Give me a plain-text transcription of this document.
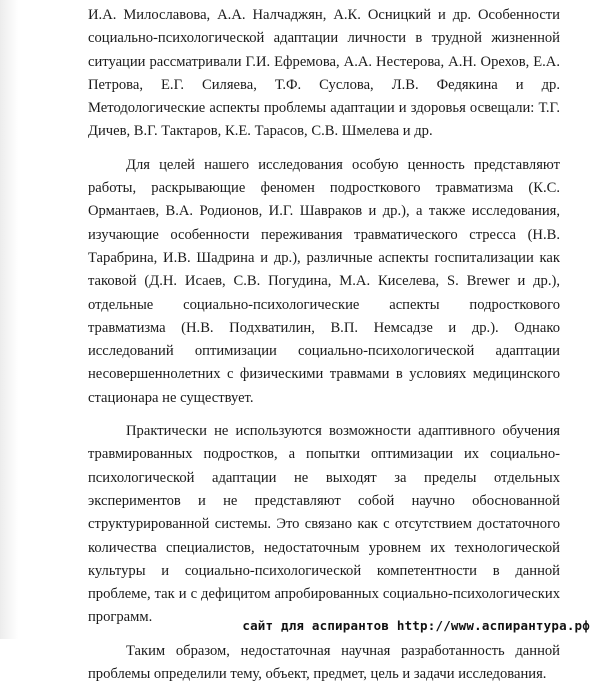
И.А. Милославова, А.А. Налчаджян, А.К. Осницкий и др. Особенности социально-психологической адаптации личности в трудной жизненной ситуации рассматривали Г.И. Ефремова, А.А. Нестерова, А.Н. Орехов, Е.А. Петрова, Е.Г. Силяева, Т.Ф. Суслова, Л.В. Федякина и др. Методологические аспекты проблемы адаптации и здоровья освещали: Т.Г. Дичев, В.Г. Тактаров, К.Е. Тарасов, С.В. Шмелева и др.

Для целей нашего исследования особую ценность представляют работы, раскрывающие феномен подросткового травматизма (К.С. Ормантаев, В.А. Родионов, И.Г. Шавраков и др.), а также исследования, изучающие особенности переживания травматического стресса (Н.В. Тарабрина, И.В. Шадрина и др.), различные аспекты госпитализации как таковой (Д.Н. Исаев, С.В. Погудина, М.А. Киселева, S. Brewer и др.), отдельные социально-психологические аспекты подросткового травматизма (Н.В. Подхватилин, В.П. Немсадзе и др.). Однако исследований оптимизации социально-психологической адаптации несовершеннолетних с физическими травмами в условиях медицинского стационара не существует.

Практически не используются возможности адаптивного обучения травмированных подростков, а попытки оптимизации их социально-психологической адаптации не выходят за пределы отдельных экспериментов и не представляют собой научно обоснованной структурированной системы. Это связано как с отсутствием достаточного количества специалистов, недостаточным уровнем их технологической культуры и социально-психологической компетентности в данной проблеме, так и с дефицитом апробированных социально-психологических программ.

Таким образом, недостаточная научная разработанность данной проблемы определили тему, объект, предмет, цель и задачи исследования.

сайт для аспирантов http://www.аспирантура.рф
